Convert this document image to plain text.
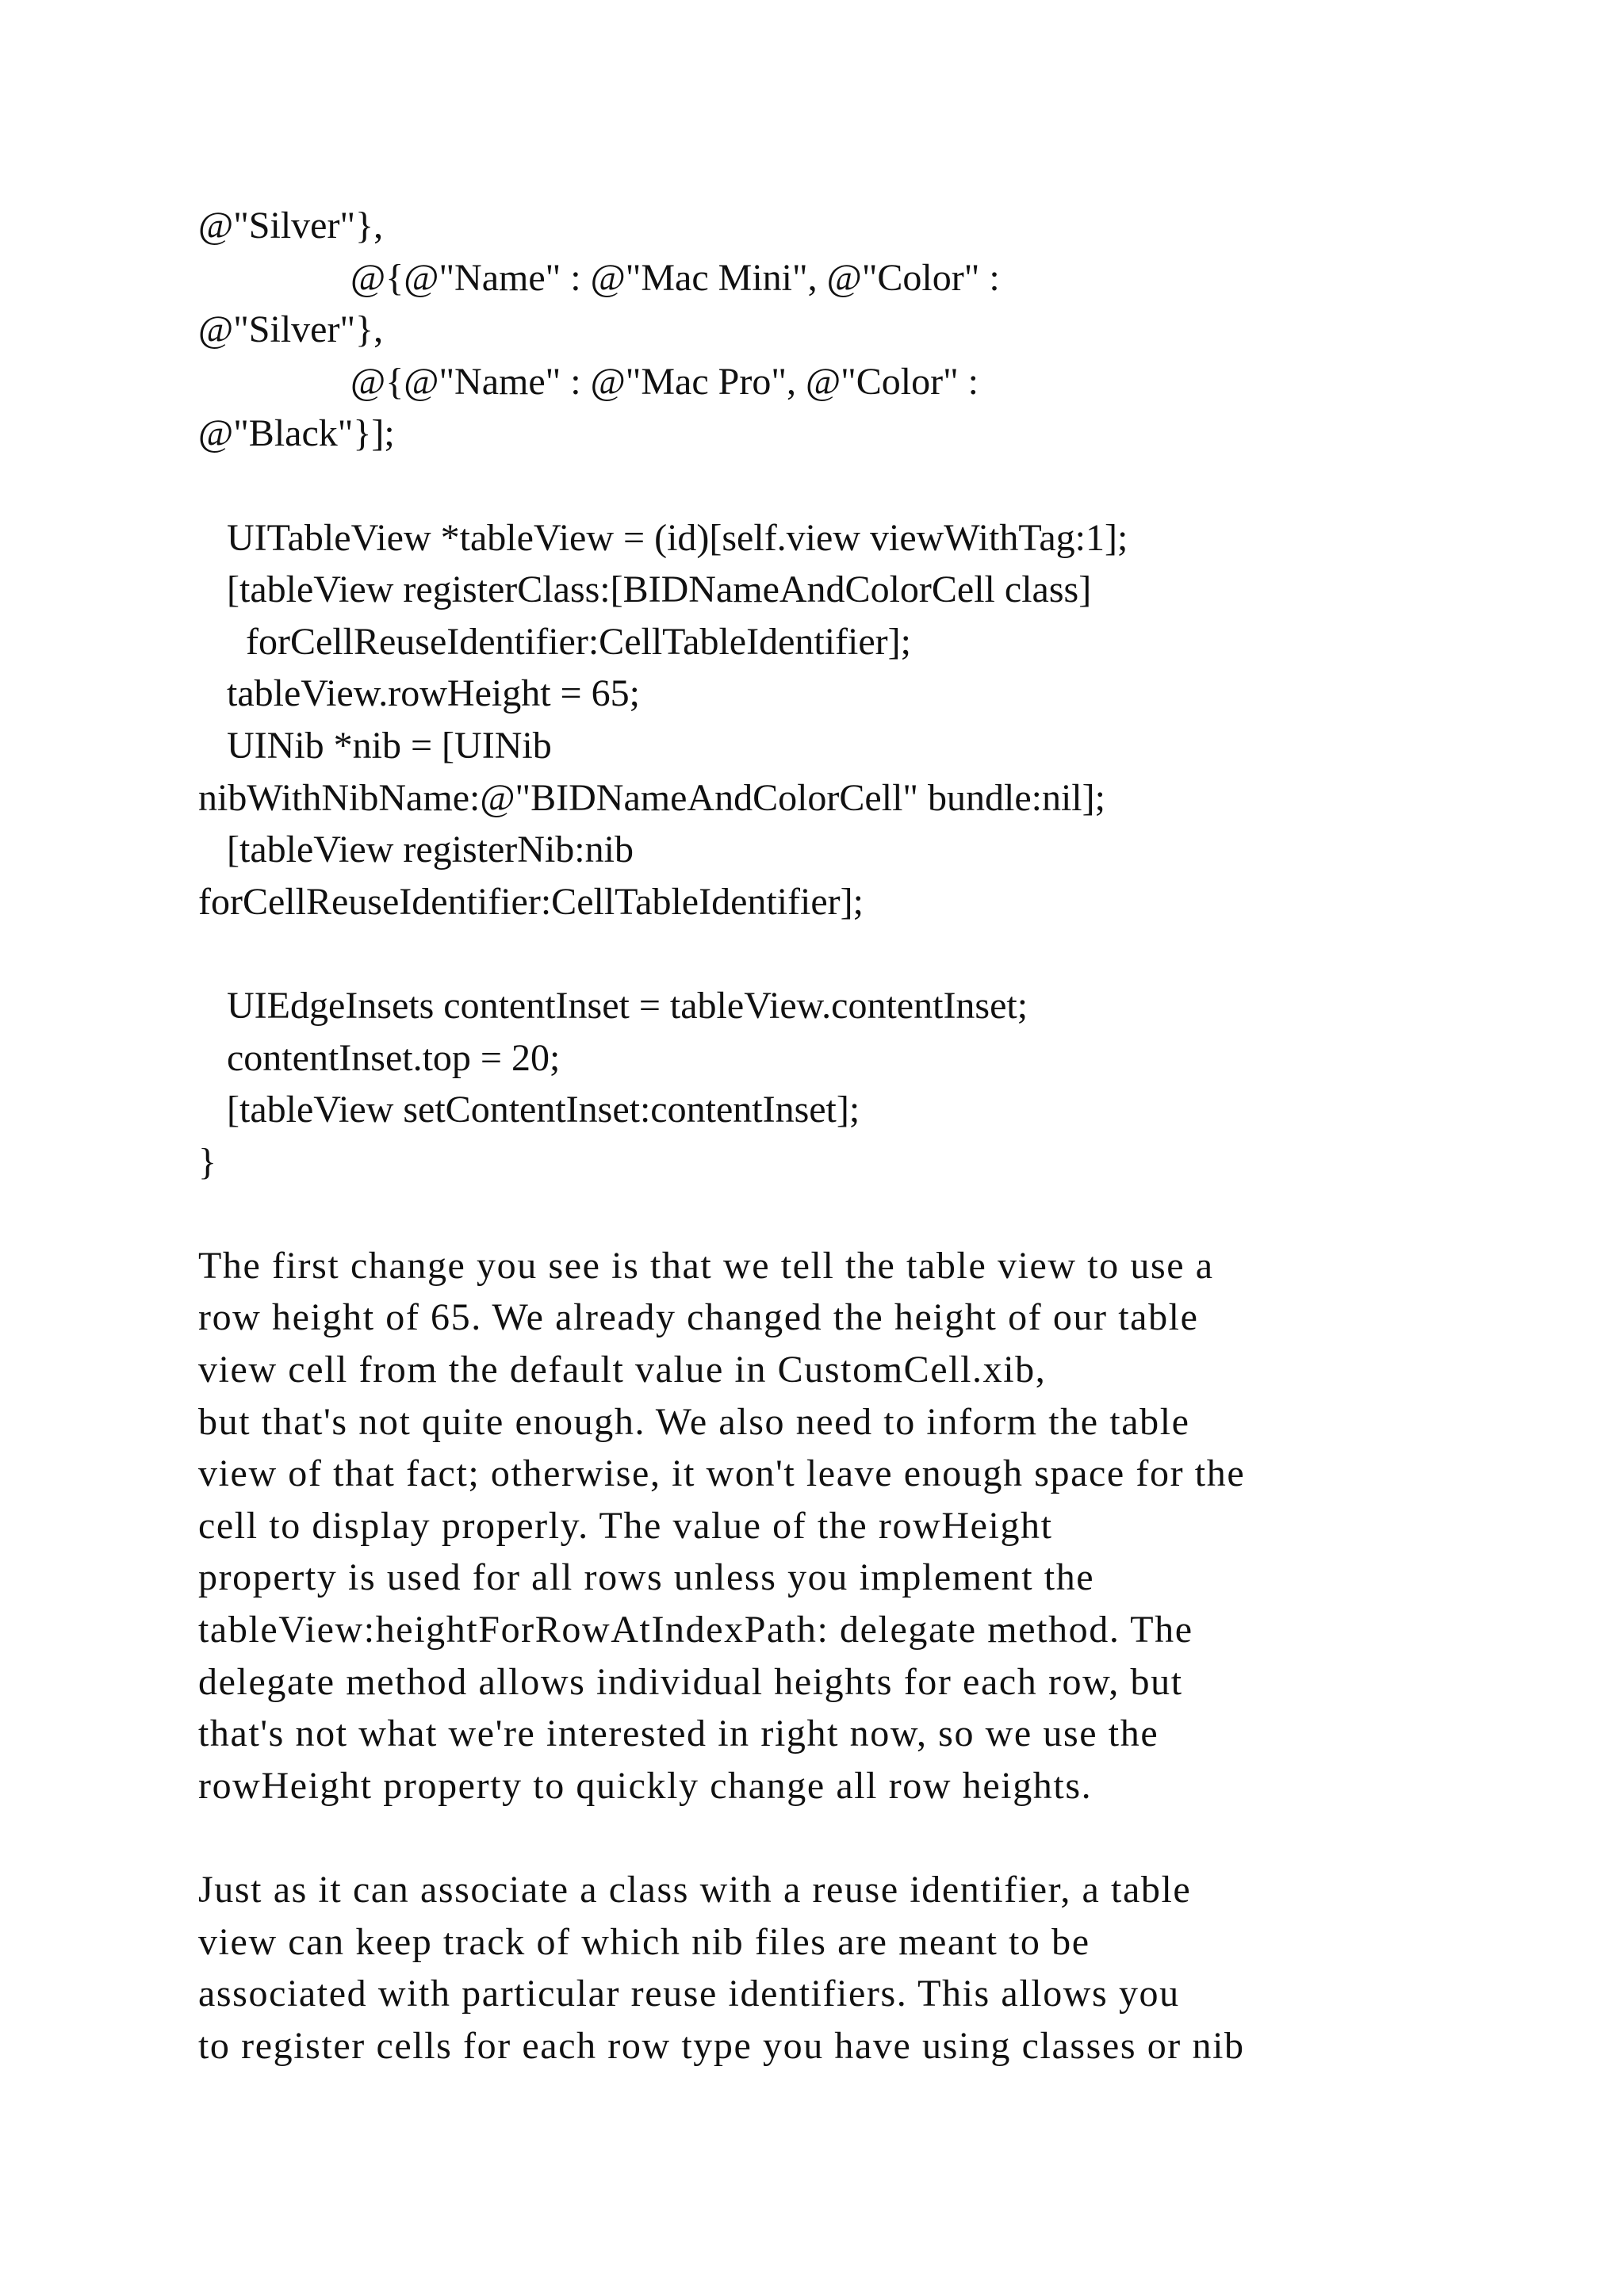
@"Silver"},

@{@"Name" : @"Mac Mini", @"Color" :

@"Silver"},

@{@"Name" : @"Mac Pro", @"Color" :

@"Black"}];

UITableView *tableView = (id)[self.view viewWithTag:1];

[tableView registerClass:[BIDNameAndColorCell class]

forCellReuseIdentifier:CellTableIdentifier];

tableView.rowHeight = 65;

UINib *nib = [UINib

nibWithNibName:@"BIDNameAndColorCell" bundle:nil];

[tableView registerNib:nib

forCellReuseIdentifier:CellTableIdentifier];

UIEdgeInsets contentInset = tableView.contentInset;

contentInset.top = 20;

[tableView setContentInset:contentInset];

}

The first change you see is that we tell the table view to use a

row height of 65. We already changed the height of our table

view cell from the default value in CustomCell.xib,

but that's not quite enough. We also need to inform the table

view of that fact; otherwise, it won't leave enough space for the

cell to display properly. The value of the rowHeight

property is used for all rows unless you implement the

tableView:heightForRowAtIndexPath: delegate method. The

delegate method allows individual heights for each row, but

that's not what we're interested in right now, so we use the

rowHeight property to quickly change all row heights.

Just as it can associate a class with a reuse identifier, a table

view can keep track of which nib files are meant to be

associated with particular reuse identifiers. This allows you

to register cells for each row type you have using classes or nib
